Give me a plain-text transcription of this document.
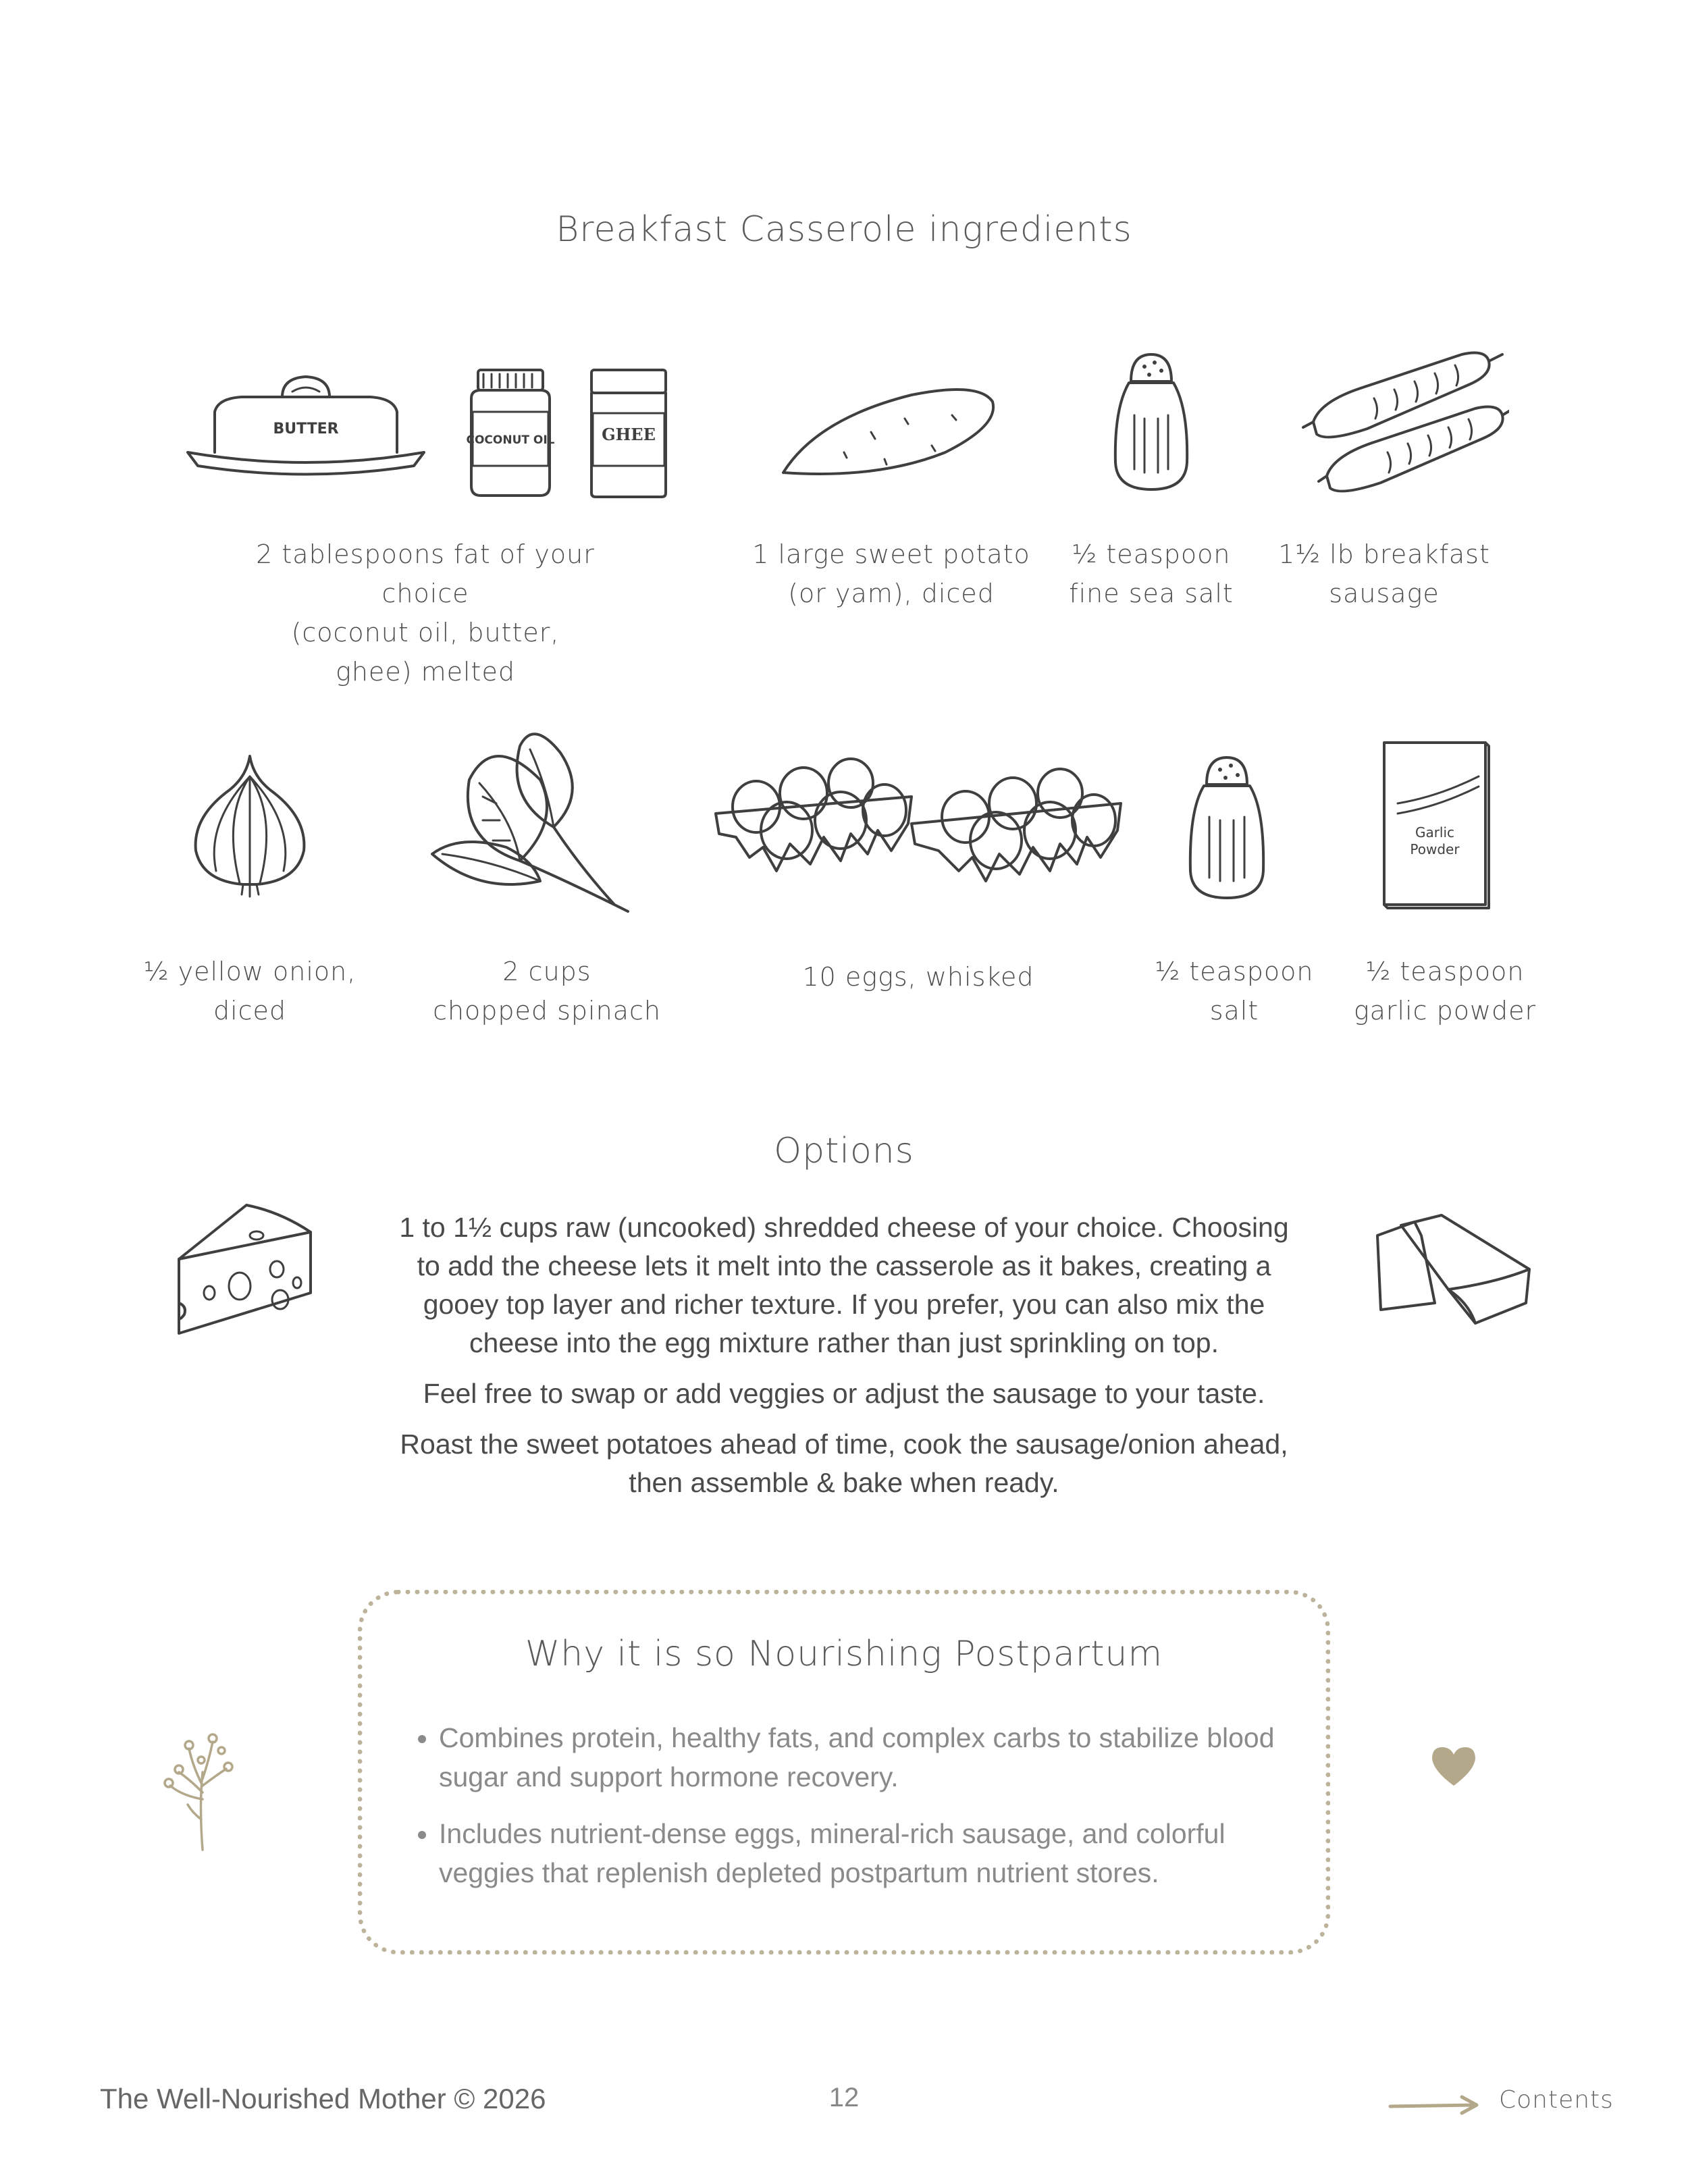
Breakfast Casserole ingredients
BUTTER
COCONUT OIL	GHEE
2 tablespoons fat of your choice
(coconut oil, butter, ghee) melted
1 large sweet potato
(or yam), diced
½ teaspoon
fine sea salt
1½ lb breakfast
sausage
Garlic
Powder
½ yellow onion,
diced
2 cups
chopped spinach
10 eggs, whisked	½ teaspoon
salt
½ teaspoon
garlic powder
Options

1 to 1½ cups raw (uncooked) shredded cheese of your choice. Choosing to add the cheese lets it melt into the casserole as it bakes, creating a gooey top layer and richer texture. If you prefer, you can also mix the cheese into the egg mixture rather than just sprinkling on top.

Feel free to swap or add veggies or adjust the sausage to your taste.

Roast the sweet potatoes ahead of time, cook the sausage/onion ahead, then assemble & bake when ready.

Why it is so Nourishing Postpartum
• Combines protein, healthy fats, and complex carbs to stabilize blood sugar and support hormone recovery.
• Includes nutrient-dense eggs, mineral-rich sausage, and colorful veggies that replenish depleted postpartum nutrient stores.
The Well-Nourished Mother © 2026	12	Contents
